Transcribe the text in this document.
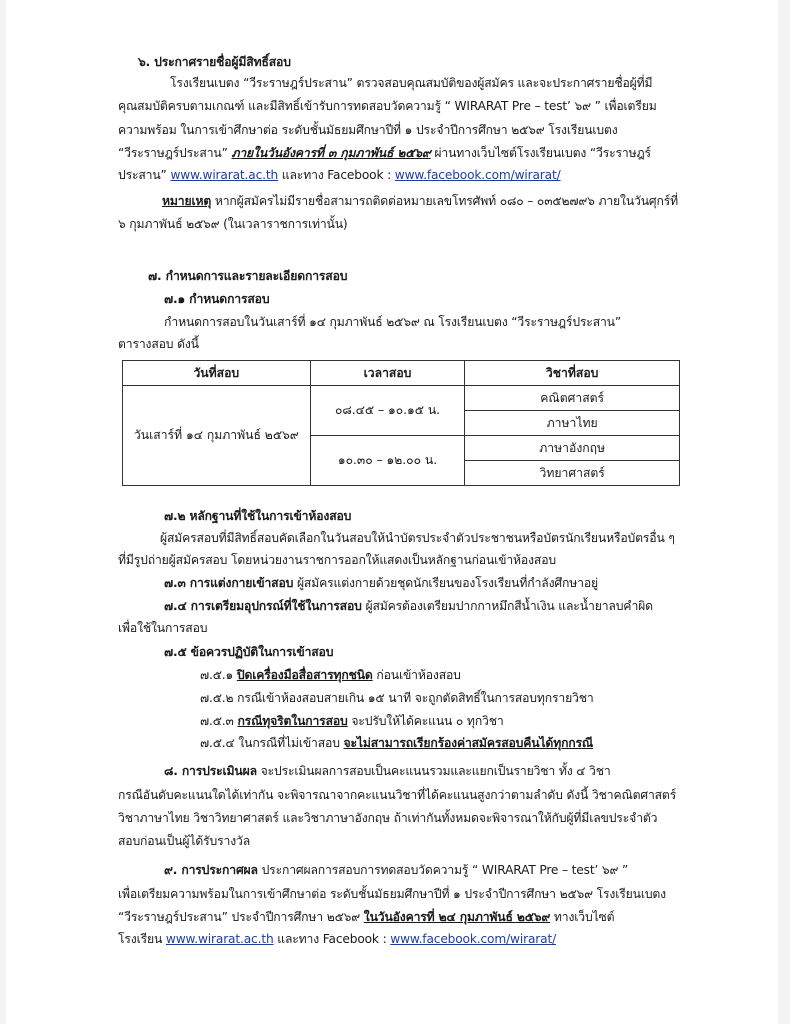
๖. ประกาศรายชื่อผู้มีสิทธิ์สอบ
โรงเรียนเบตง “วีระราษฎร์ประสาน” ตรวจสอบคุณสมบัติของผู้สมัคร และจะประกาศรายชื่อผู้ที่มี
คุณสมบัติครบตามเกณฑ์ และมีสิทธิ์เข้ารับการทดสอบวัดความรู้ “ WIRARAT Pre – test’ ๖๙ ” เพื่อเตรียม
ความพร้อม ในการเข้าศึกษาต่อ ระดับชั้นมัธยมศึกษาปีที่ ๑ ประจำปีการศึกษา ๒๕๖๙ โรงเรียนเบตง
“วีระราษฎร์ประสาน” ภายในวันอังคารที่ ๓ กุมภาพันธ์ ๒๕๖๙ ผ่านทางเว็บไซต์โรงเรียนเบตง “วีระราษฎร์
ประสาน” www.wirarat.ac.th และทาง Facebook : www.facebook.com/wirarat/
หมายเหตุ หากผู้สมัครไม่มีรายชื่อสามารถติดต่อหมายเลขโทรศัพท์ ๐๘๐ – ๐๓๕๒๗๙๖ ภายในวันศุกร์ที่
๖ กุมภาพันธ์ ๒๕๖๙ (ในเวลาราชการเท่านั้น)
๗. กำหนดการและรายละเอียดการสอบ
๗.๑ กำหนดการสอบ
กำหนดการสอบในวันเสาร์ที่ ๑๔ กุมภาพันธ์ ๒๕๖๙ ณ โรงเรียนเบตง “วีระราษฎร์ประสาน”
ตารางสอบ ดังนี้
วันที่สอบ	เวลาสอบ	วิชาที่สอบ
วันเสาร์ที่ ๑๔ กุมภาพันธ์ ๒๕๖๙	๐๘.๔๕ – ๑๐.๑๕ น.	คณิตศาสตร์
		ภาษาไทย
	๑๐.๓๐ – ๑๒.๐๐ น.	ภาษาอังกฤษ
		วิทยาศาสตร์
๗.๒ หลักฐานที่ใช้ในการเข้าห้องสอบ
ผู้สมัครสอบที่มีสิทธิ์สอบคัดเลือกในวันสอบให้นำบัตรประจำตัวประชาชนหรือบัตรนักเรียนหรือบัตรอื่น ๆ
ที่มีรูปถ่ายผู้สมัครสอบ โดยหน่วยงานราชการออกให้แสดงเป็นหลักฐานก่อนเข้าห้องสอบ
๗.๓ การแต่งกายเข้าสอบ ผู้สมัครแต่งกายด้วยชุดนักเรียนของโรงเรียนที่กำลังศึกษาอยู่
๗.๔ การเตรียมอุปกรณ์ที่ใช้ในการสอบ ผู้สมัครต้องเตรียมปากกาหมึกสีน้ำเงิน และน้ำยาลบคำผิด
เพื่อใช้ในการสอบ
๗.๕ ข้อควรปฏิบัติในการเข้าสอบ
๗.๕.๑ ปิดเครื่องมือสื่อสารทุกชนิด ก่อนเข้าห้องสอบ
๗.๕.๒ กรณีเข้าห้องสอบสายเกิน ๑๕ นาที จะถูกตัดสิทธิ์ในการสอบทุกรายวิชา
๗.๕.๓ กรณีทุจริตในการสอบ จะปรับให้ได้คะแนน ๐ ทุกวิชา
๗.๕.๔ ในกรณีที่ไม่เข้าสอบ จะไม่สามารถเรียกร้องค่าสมัครสอบคืนได้ทุกกรณี
๘. การประเมินผล จะประเมินผลการสอบเป็นคะแนนรวมและแยกเป็นรายวิชา ทั้ง ๔ วิชา
กรณีอันดับคะแนนใดได้เท่ากัน จะพิจารณาจากคะแนนวิชาที่ได้คะแนนสูงกว่าตามลำดับ ดังนี้ วิชาคณิตศาสตร์
วิชาภาษาไทย วิชาวิทยาศาสตร์ และวิชาภาษาอังกฤษ ถ้าเท่ากันทั้งหมดจะพิจารณาให้กับผู้ที่มีเลขประจำตัว
สอบก่อนเป็นผู้ได้รับรางวัล
๙. การประกาศผล ประกาศผลการสอบการทดสอบวัดความรู้ “ WIRARAT Pre – test’ ๖๙ ”
เพื่อเตรียมความพร้อมในการเข้าศึกษาต่อ ระดับชั้นมัธยมศึกษาปีที่ ๑ ประจำปีการศึกษา ๒๕๖๙ โรงเรียนเบตง
“วีระราษฎร์ประสาน” ประจำปีการศึกษา ๒๕๖๙ ในวันอังคารที่ ๒๔ กุมภาพันธ์ ๒๕๖๙ ทางเว็บไซต์
โรงเรียน www.wirarat.ac.th และทาง Facebook : www.facebook.com/wirarat/
